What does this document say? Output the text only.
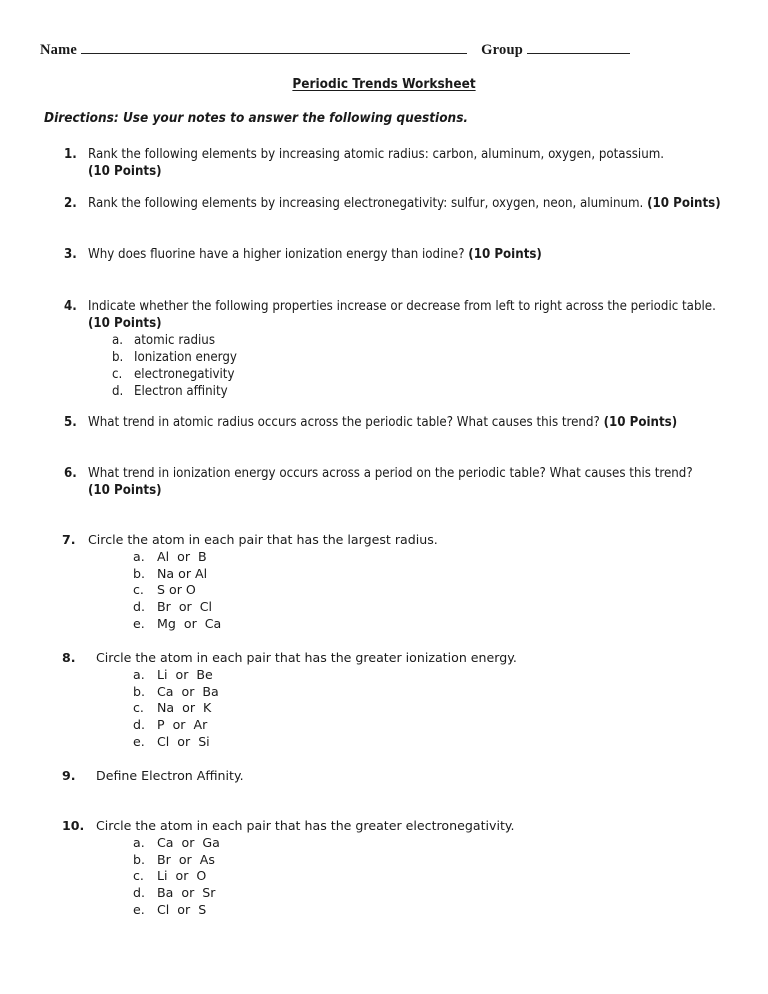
Name	Group
Periodic Trends Worksheet
Directions: Use your notes to answer the following questions.
1. Rank the following elements by increasing atomic radius: carbon, aluminum, oxygen, potassium. (10 Points)
2. Rank the following elements by increasing electronegativity: sulfur, oxygen, neon, aluminum. (10 Points)
3. Why does fluorine have a higher ionization energy than iodine? (10 Points)
4. Indicate whether the following properties increase or decrease from left to right across the periodic table.
(10 Points)
a. atomic radius
b. Ionization energy
c. electronegativity
d. Electron affinity
5. What trend in atomic radius occurs across the periodic table? What causes this trend? (10 Points)
6. What trend in ionization energy occurs across a period on the periodic table? What causes this trend?
(10 Points)
7. Circle the atom in each pair that has the largest radius.
a. Al  or  B
b. Na or Al
c.	S or O
d. Br  or  Cl
e. Mg  or  Ca
8.	Circle the atom in each pair that has the greater ionization energy.
a. Li  or  Be
b. Ca  or  Ba
c.	Na  or  K
d. P  or  Ar
e. Cl  or  Si
9.	Define Electron Affinity.
10. Circle the atom in each pair that has the greater electronegativity.
a. Ca  or  Ga
b. Br  or  As
c.	Li  or  O
d. Ba  or  Sr
e. Cl  or  S
